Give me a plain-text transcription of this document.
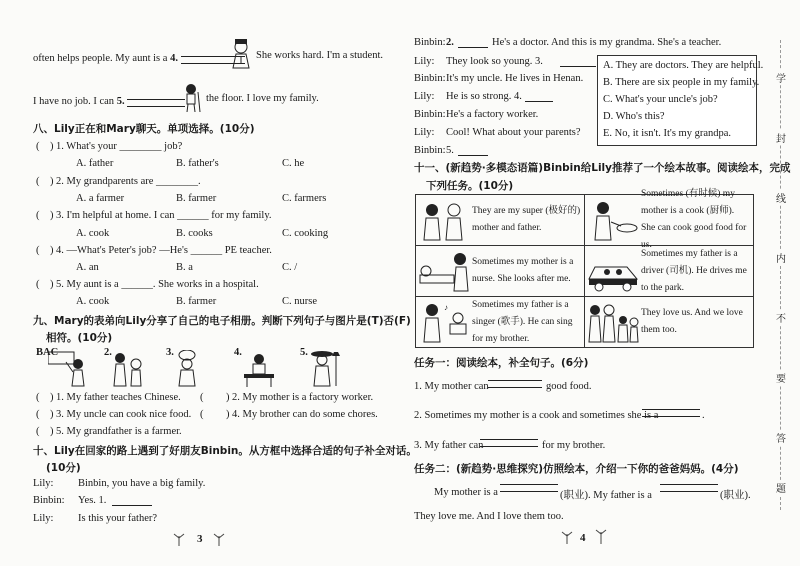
often helps people. My aunt is a 4.	She works hard. I'm a student.
I have no job. I can 5.	the floor. I love my family.
八、Lily正在和Mary聊天。单项选择。(10分)
( ) 1. What's your ________ job?
A. father	B. father's	C. he
( ) 2. My grandparents are ________.
A. a farmer	B. farmer	C. farmers
( ) 3. I'm helpful at home. I can ______ for my family.
A. cook	B. cooks	C. cooking
( ) 4. —What's Peter's job? —He's ______ PE teacher.
A. an	B. a	C. /
( ) 5. My aunt is a ______. She works in a hospital.
A. cook	B. farmer	C. nurse
九、Mary的表弟向Lily分享了自己的电子相册。判断下列句子与图片是(T)否(F)
相符。(10分)
BAC	2.	3.	4.	5.
( ) 1. My father teaches Chinese. ( ) 2. My mother is a factory worker.
( ) 3. My uncle can cook nice food. ( ) 4. My brother can do some chores.
( ) 5. My grandfather is a farmer.
十、Lily在回家的路上遇到了好朋友Binbin。从方框中选择合适的句子补全对话。
(10分)
Lily: Binbin, you have a big family.
Binbin: Yes. 1.
Lily: Is this your father?
3
Binbin: 2.	He's a doctor. And this is my grandma. She's a teacher.
Lily: They look so young. 3.
Binbin: It's my uncle. He lives in Henan.
Lily: He is so strong. 4.
Binbin: He's a factory worker.
Lily: Cool! What about your parents?
Binbin: 5.
A. They are doctors. They are helpful.
B. There are six people in my family.
C. What's your uncle's job?
D. Who's this?
E. No, it isn't. It's my grandpa.
十一、(新趋势·多模态语篇)Binbin给Lily推荐了一个绘本故事。阅读绘本，完成
下列任务。(10分)
They are my super (极好的) mother and father.	Sometimes (有时候) my mother is a cook (厨师). She can cook good food for us.

Sometimes my mother is a nurse. She looks after me.	Sometimes my father is a driver (司机). He drives me to the park.

♪ Sometimes my father is a singer (歌手). He can sing for my brother.	They love us. And we love them too.
任务一：阅读绘本，补全句子。(6分)
1. My mother can	good food.
2. Sometimes my mother is a cook and sometimes she is a	.
3. My father can	for my brother.
任务二：(新趋势·思维探究)仿照绘本，介绍一下你的爸爸妈妈。(4分)
My mother is a	(职业). My father is a	(职业).
They love me. And I love them too.
4
学
封
线
内
不
要
答
题
